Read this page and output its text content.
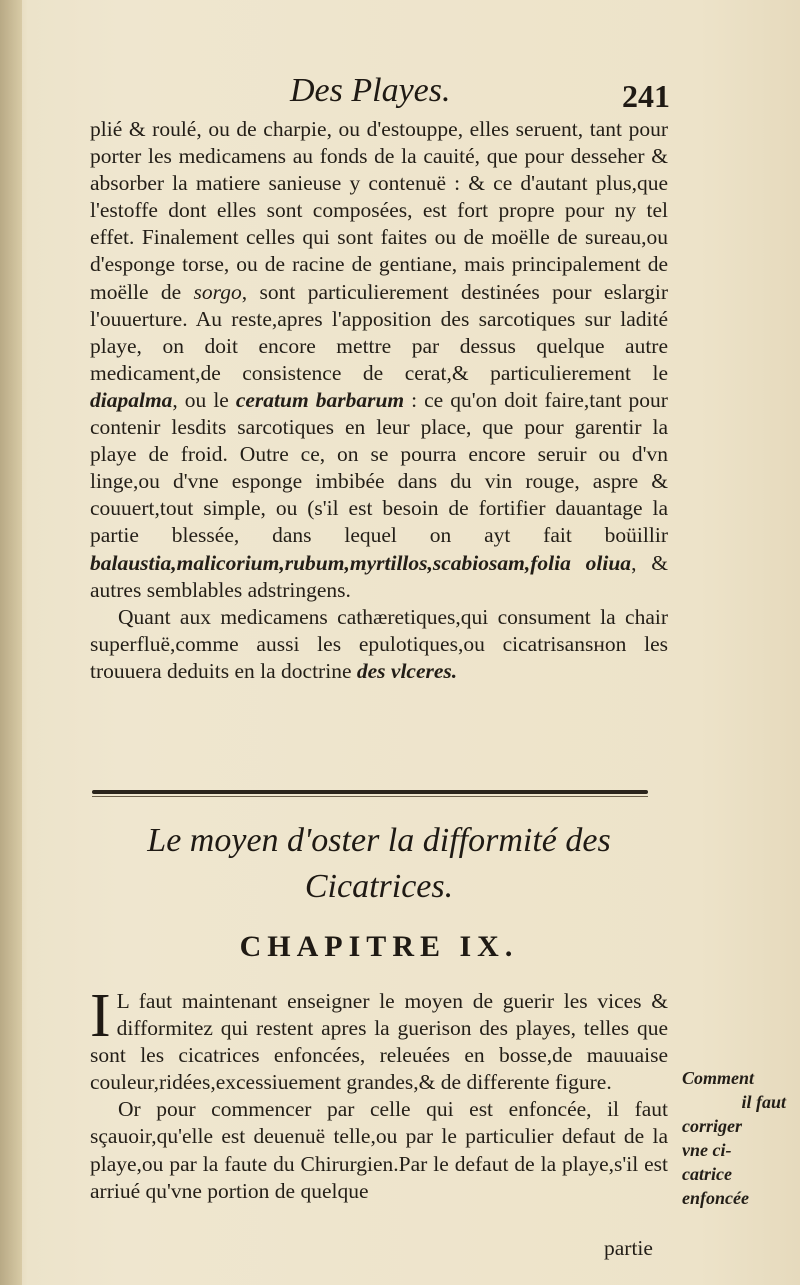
Des Playes.	241

plié & roulé, ou de charpie, ou d'estouppe, elles seruent, tant pour porter les medicamens au fonds de la cauité, que pour desseher & absorber la matiere sanieuse y contenuë : & ce d'autant plus,que l'estoffe dont elles sont composées, est fort propre pour ny tel effet. Finalement celles qui sont faites ou de moëlle de sureau,ou d'esponge torse, ou de racine de gentiane, mais principalement de moëlle de sorgo, sont particulierement destinées pour eslargir l'ouuerture. Au reste,apres l'apposition des sarcotiques sur ladité playe, on doit encore mettre par dessus quelque autre medicament,de consistence de cerat,& particulierement le diapalma, ou le ceratum barbarum : ce qu'on doit faire,tant pour contenir lesdits sarcotiques en leur place, que pour garentir la playe de froid. Outre ce, on se pourra encore seruir ou d'vn linge,ou d'vne esponge imbibée dans du vin rouge, aspre & couuert,tout simple, ou (s'il est besoin de fortifier dauantage la partie blessée, dans lequel on ayt fait boüillir balaustia,malicorium,rubum,myrtillos,scabiosam,folia oliua, & autres semblables adstringens.

Quant aux medicamens cathæretiques,qui consument la chair superfluë,comme aussi les epulotiques,ou cicatrisansнon les trouuera deduits en la doctrine des vlceres.

Le moyen d'oster la difformité des
Cicatrices.
CHAPITRE IX.

I L faut maintenant enseigner le moyen de guerir les vices & difformitez qui restent apres la guerison des playes, telles que sont les cicatrices enfoncées, releuées en bosse,de mauuaise couleur,ridées,excessiuement grandes,& de differente figure.

Or pour commencer par celle qui est enfoncée, il faut sçauoir,qu'elle est deuenuë telle,ou par le particulier defaut de la playe,ou par la faute du Chirurgien.Par le defaut de la playe,s'il est arriué qu'vne portion de quelque

partie
Comment
il faut
corriger
vne ci-
catrice
enfoncée
